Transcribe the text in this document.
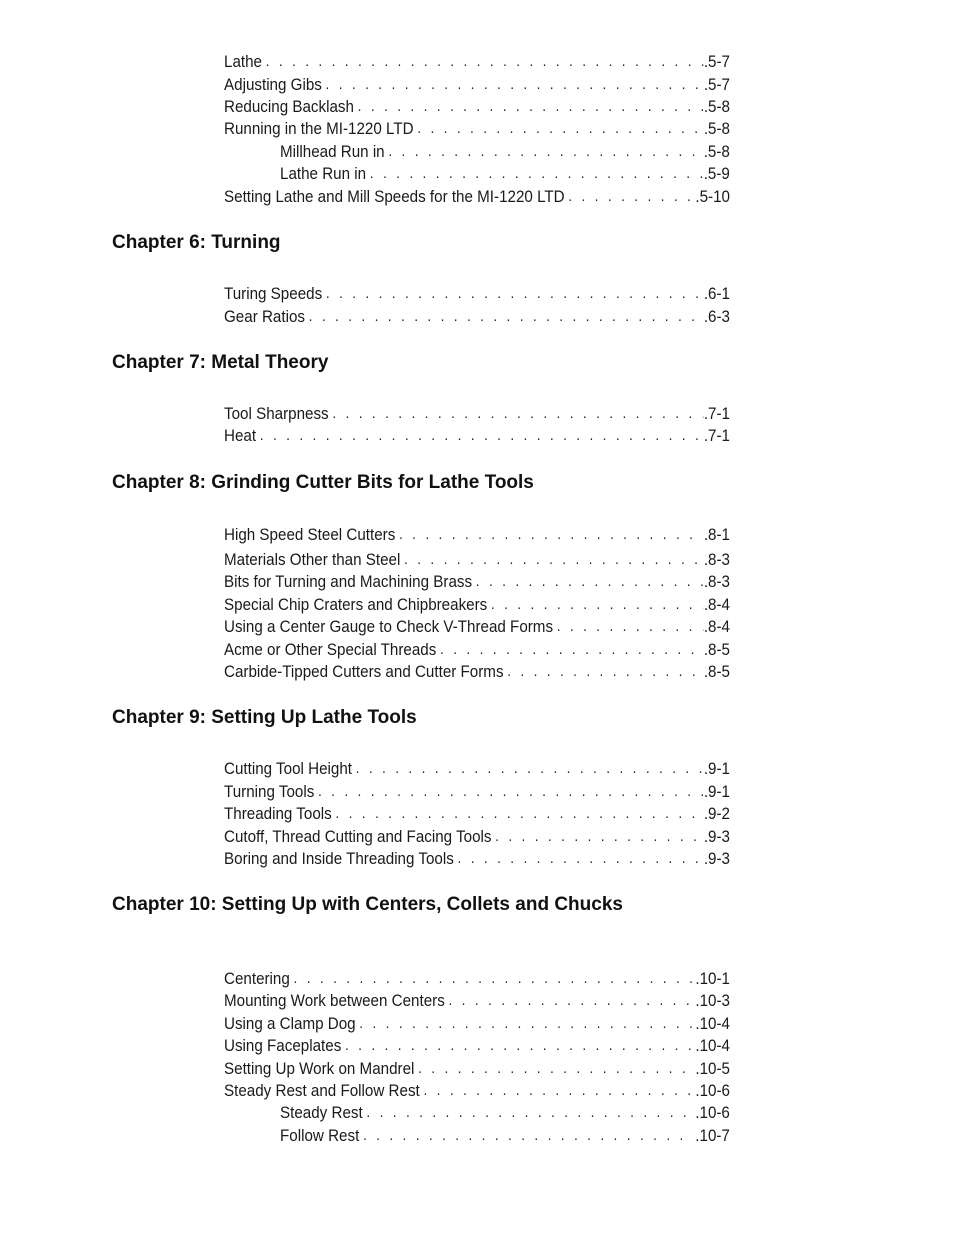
Lathe . . .	.5-7
Adjusting Gibs . . .	.5-7
Reducing Backlash . . .	.5-8
Running in the MI-1220 LTD . . .	.5-8
Millhead Run in . . .	.5-8
Lathe Run in . . .	.5-9
Setting Lathe and Mill Speeds for the MI-1220 LTD . . .	.5-10
Chapter 6: Turning
Turing Speeds . . .	.6-1
Gear Ratios . . .	.6-3
Chapter 7: Metal Theory
Tool Sharpness . . .	.7-1
Heat . . .	.7-1
Chapter 8: Grinding Cutter Bits for Lathe Tools
High Speed Steel Cutters . . .	.8-1
Materials Other than Steel . . .	.8-3
Bits for Turning and Machining Brass . . .	.8-3
Special Chip Craters and Chipbreakers . . .	.8-4
Using a Center Gauge to Check V-Thread Forms . . .	.8-4
Acme or Other Special Threads . . .	.8-5
Carbide-Tipped Cutters and Cutter Forms . . .	.8-5
Chapter 9: Setting Up Lathe Tools
Cutting Tool Height . . .	.9-1
Turning Tools . . .	.9-1
Threading Tools . . .	.9-2
Cutoff, Thread Cutting and Facing Tools . . .	.9-3
Boring and Inside Threading Tools . . .	.9-3
Chapter 10: Setting Up with Centers, Collets and Chucks
Centering . . .	.10-1
Mounting Work between Centers . . .	.10-3
Using a Clamp Dog . . .	.10-4
Using Faceplates . . .	.10-4
Setting Up Work on Mandrel . . .	.10-5
Steady Rest and Follow Rest . . .	.10-6
Steady Rest . . .	.10-6
Follow Rest . . .	.10-7
